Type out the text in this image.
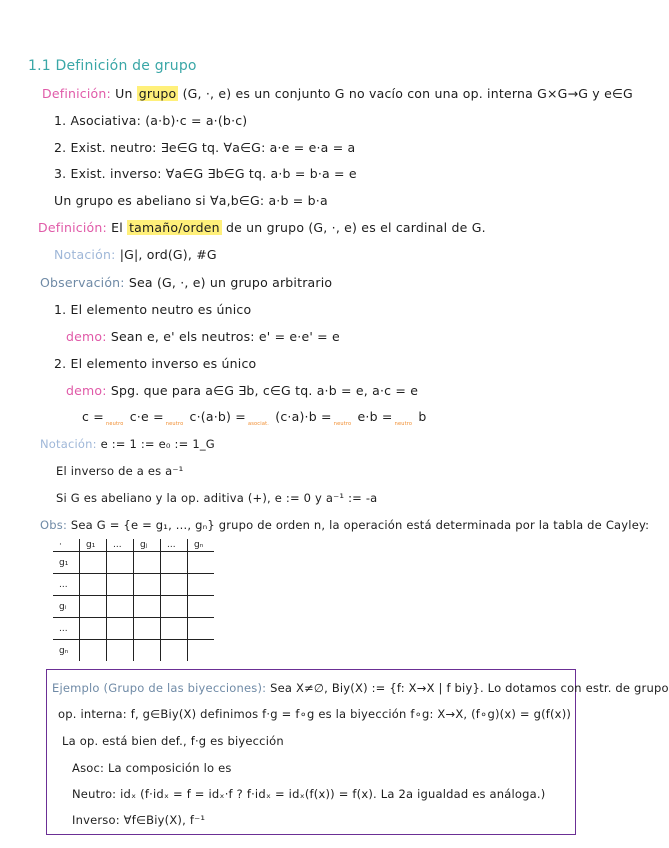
1.1 Definición de grupo
Definición: Un grupo (G, ·, e) es un conjunto G no vacío con una op. interna G×G→G y e∈G
1. Asociativa: (a·b)·c = a·(b·c)
2. Exist. neutro: ∃e∈G tq. ∀a∈G: a·e = e·a = a
3. Exist. inverso: ∀a∈G ∃b∈G tq. a·b = b·a = e
Un grupo es abeliano si ∀a,b∈G: a·b = b·a
Definición: El tamaño/orden de un grupo (G, ·, e) es el cardinal de G.
Notación: |G|, ord(G), #G
Observación: Sea (G, ·, e) un grupo arbitrario
1. El elemento neutro es único
demo: Sean e, e' els neutros: e' = e·e' = e
2. El elemento inverso es único
demo: Spg. que para a∈G ∃b, c∈G tq. a·b = e, a·c = e
c = $_{neutro}$ c·e = $_{neutro}$ c·(a·b) = $_{asociat.}$ (c·a)·b = $_{neutro}$ e·b = $_{neutro}$ b
Notación: e := 1 := e₀ := 1_G
El inverso de a es a⁻¹
Si G es abeliano y la op. aditiva (+), e := 0 y a⁻¹ := -a
Obs: Sea G = {e = g₁, ..., gₙ} grupo de orden n, la operación está determinada por la tabla de Cayley:
·	g₁	...	gⱼ	...	gₙ
g₁					
...					
gᵢ					
...					
gₙ					
Ejemplo (Grupo de las biyecciones): Sea X≠∅, Biy(X) := {f: X→X | f biy}. Lo dotamos con estr. de grupo
op. interna: f, g∈Biy(X) definimos f·g = f∘g es la biyección f∘g: X→X, (f∘g)(x) = g(f(x))
La op. está bien def., f·g es biyección
Asoc: La composición lo es
Neutro: idₓ (f·idₓ = f = idₓ·f ? f·idₓ = idₓ(f(x)) = f(x). La 2a igualdad es análoga.)
Inverso: ∀f∈Biy(X), f⁻¹
